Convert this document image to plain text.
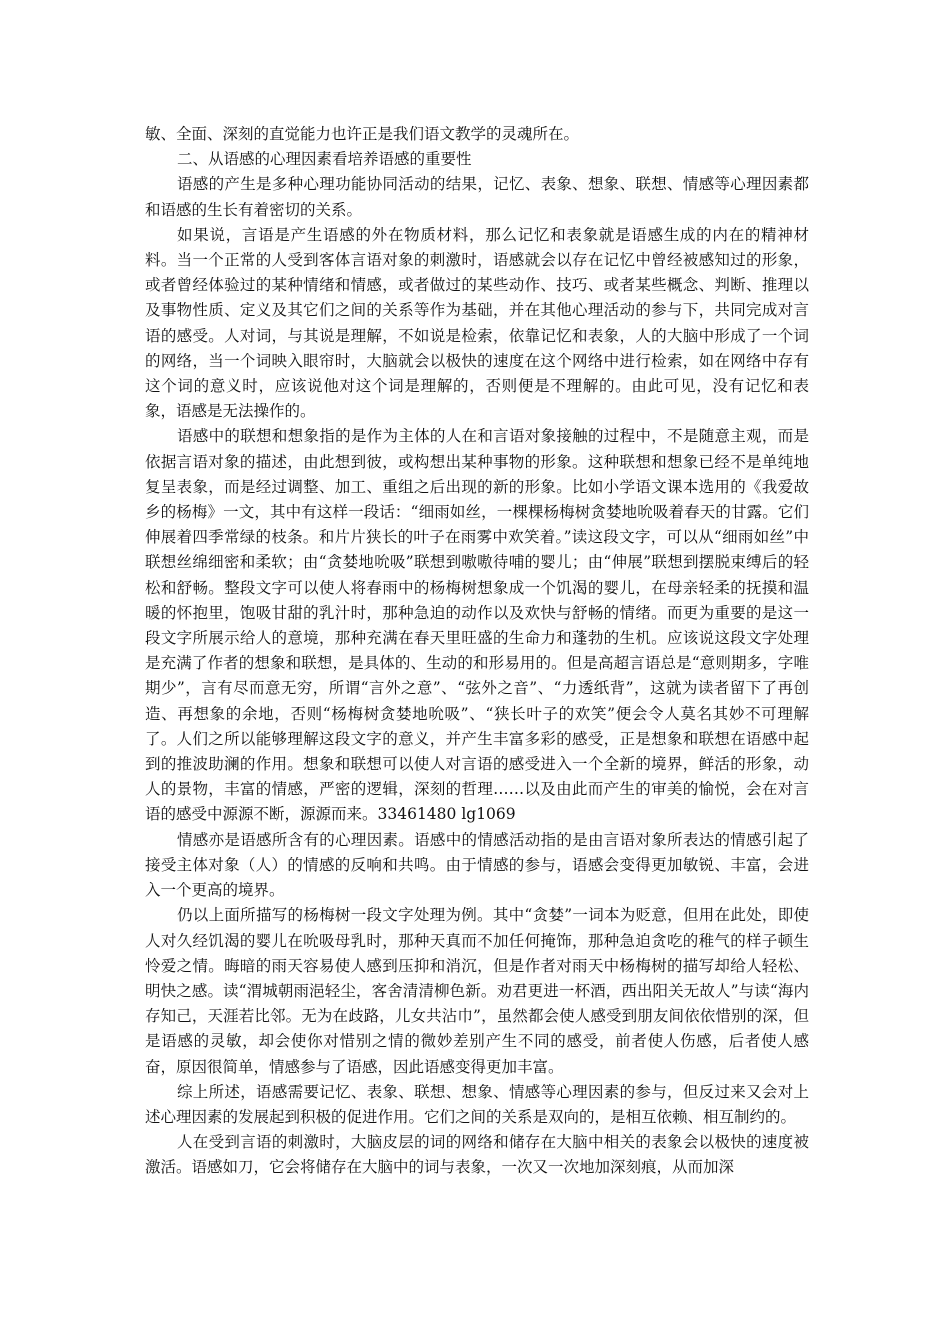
敏、全面、深刻的直觉能力也许正是我们语文教学的灵魂所在。

二、从语感的心理因素看培养语感的重要性

语感的产生是多种心理功能协同活动的结果，记忆、表象、想象、联想、情感等心理因素都和语感的生长有着密切的关系。

如果说，言语是产生语感的外在物质材料，那么记忆和表象就是语感生成的内在的精神材料。当一个正常的人受到客体言语对象的刺激时，语感就会以存在记忆中曾经被感知过的形象，或者曾经体验过的某种情绪和情感，或者做过的某些动作、技巧、或者某些概念、判断、推理以及事物性质、定义及其它们之间的关系等作为基础，并在其他心理活动的参与下，共同完成对言语的感受。人对词，与其说是理解，不如说是检索，依靠记忆和表象，人的大脑中形成了一个词的网络，当一个词映入眼帘时，大脑就会以极快的速度在这个网络中进行检索，如在网络中存有这个词的意义时，应该说他对这个词是理解的，否则便是不理解的。由此可见，没有记忆和表象，语感是无法操作的。

语感中的联想和想象指的是作为主体的人在和言语对象接触的过程中，不是随意主观，而是依据言语对象的描述，由此想到彼，或构想出某种事物的形象。这种联想和想象已经不是单纯地复呈表象，而是经过调整、加工、重组之后出现的新的形象。比如小学语文课本选用的《我爱故乡的杨梅》一文，其中有这样一段话：“细雨如丝，一棵棵杨梅树贪婪地吮吸着春天的甘露。它们伸展着四季常绿的枝条。和片片狭长的叶子在雨雾中欢笑着。”读这段文字，可以从“细雨如丝”中联想丝绵细密和柔软；由“贪婪地吮吸”联想到嗷嗷待哺的婴儿；由“伸展”联想到摆脱束缚后的轻松和舒畅。整段文字可以使人将春雨中的杨梅树想象成一个饥渴的婴儿，在母亲轻柔的抚摸和温暖的怀抱里，饱吸甘甜的乳汁时，那种急迫的动作以及欢快与舒畅的情绪。而更为重要的是这一段文字所展示给人的意境，那种充满在春天里旺盛的生命力和蓬勃的生机。应该说这段文字处理是充满了作者的想象和联想，是具体的、生动的和形易用的。但是高超言语总是“意则期多，字唯期少”，言有尽而意无穷，所谓“言外之意”、“弦外之音”、“力透纸背”，这就为读者留下了再创造、再想象的余地，否则“杨梅树贪婪地吮吸”、“狭长叶子的欢笑”便会令人莫名其妙不可理解了。人们之所以能够理解这段文字的意义，并产生丰富多彩的感受，正是想象和联想在语感中起到的推波助澜的作用。想象和联想可以使人对言语的感受进入一个全新的境界，鲜活的形象，动人的景物，丰富的情感，严密的逻辑，深刻的哲理……以及由此而产生的审美的愉悦，会在对言语的感受中源源不断，源源而来。33461480 lg1069

情感亦是语感所含有的心理因素。语感中的情感活动指的是由言语对象所表达的情感引起了接受主体对象（人）的情感的反响和共鸣。由于情感的参与，语感会变得更加敏锐、丰富，会进入一个更高的境界。

仍以上面所描写的杨梅树一段文字处理为例。其中“贪婪”一词本为贬意，但用在此处，即使人对久经饥渴的婴儿在吮吸母乳时，那种天真而不加任何掩饰，那种急迫贪吃的稚气的样子顿生怜爱之情。晦暗的雨天容易使人感到压抑和消沉，但是作者对雨天中杨梅树的描写却给人轻松、明快之感。读“渭城朝雨浥轻尘，客舍清清柳色新。劝君更进一杯酒，西出阳关无故人”与读“海内存知己，天涯若比邻。无为在歧路，儿女共沾巾”，虽然都会使人感受到朋友间依依惜别的深，但是语感的灵敏，却会使你对惜别之情的微妙差别产生不同的感受，前者使人伤感，后者使人感奋，原因很简单，情感参与了语感，因此语感变得更加丰富。

综上所述，语感需要记忆、表象、联想、想象、情感等心理因素的参与，但反过来又会对上述心理因素的发展起到积极的促进作用。它们之间的关系是双向的，是相互依赖、相互制约的。

人在受到言语的刺激时，大脑皮层的词的网络和储存在大脑中相关的表象会以极快的速度被激活。语感如刀，它会将储存在大脑中的词与表象，一次又一次地加深刻痕，从而加深
